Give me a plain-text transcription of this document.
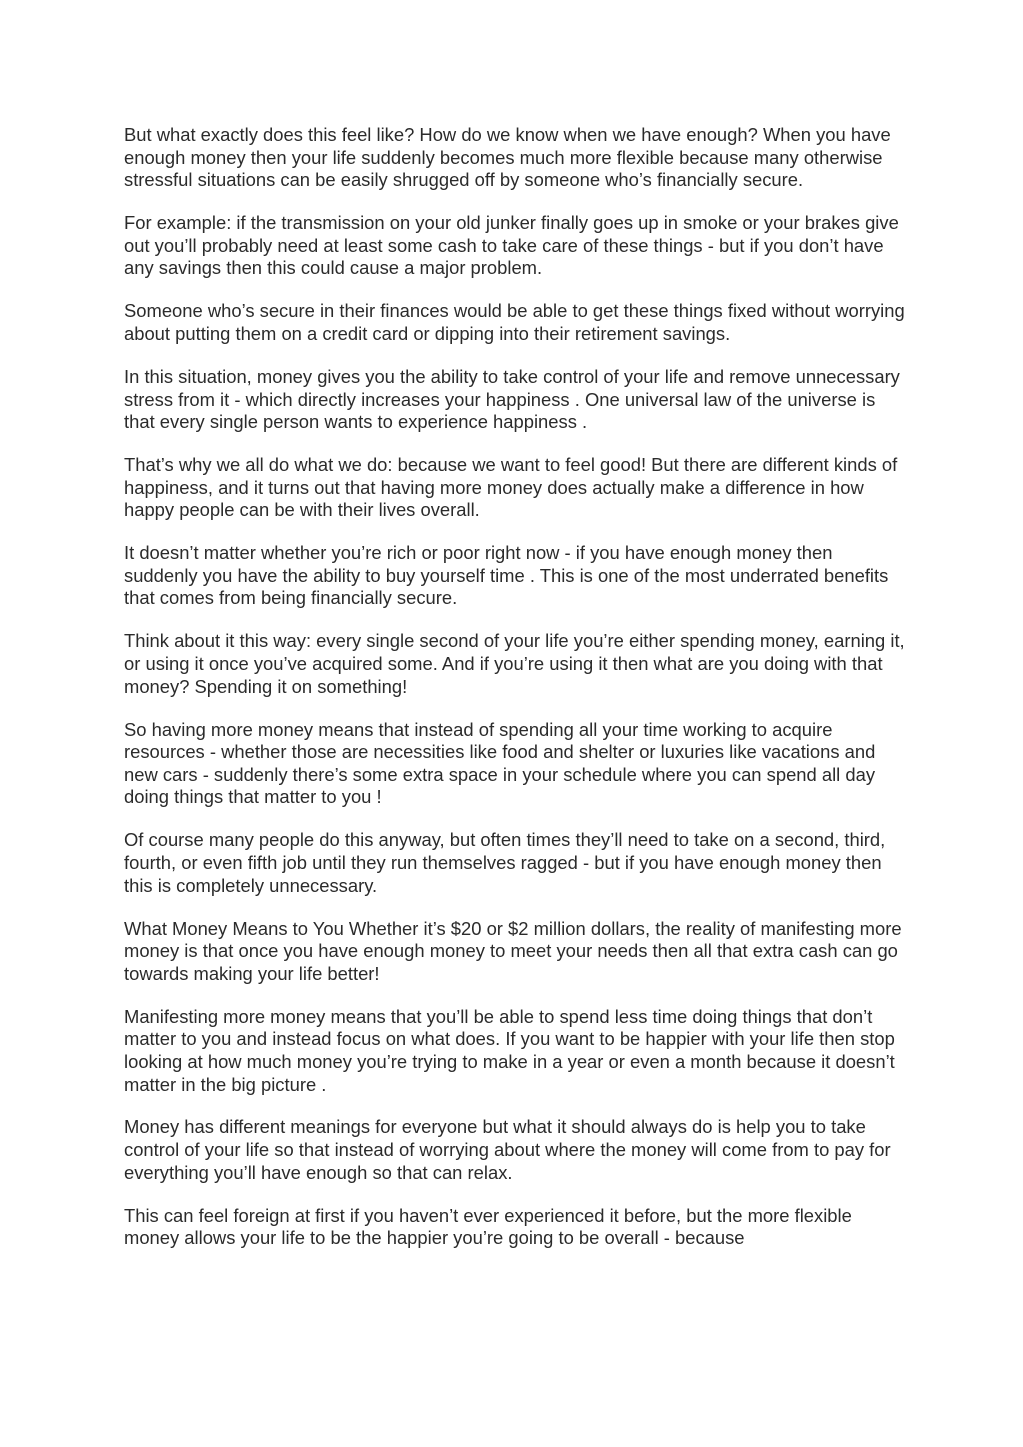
But what exactly does this feel like? How do we know when we have enough? When you have enough money then your life suddenly becomes much more flexible because many otherwise stressful situations can be easily shrugged off by someone who’s financially secure.

For example: if the transmission on your old junker finally goes up in smoke or your brakes give out you’ll probably need at least some cash to take care of these things - but if you don’t have any savings then this could cause a major problem.

Someone who’s secure in their finances would be able to get these things fixed without worrying about putting them on a credit card or dipping into their retirement savings.

In this situation, money gives you the ability to take control of your life and remove unnecessary stress from it - which directly increases your happiness . One universal law of the universe is that every single person wants to experience happiness .

That’s why we all do what we do: because we want to feel good! But there are different kinds of happiness, and it turns out that having more money does actually make a difference in how happy people can be with their lives overall.

It doesn’t matter whether you’re rich or poor right now - if you have enough money then suddenly you have the ability to buy yourself time . This is one of the most underrated benefits that comes from being financially secure.

Think about it this way: every single second of your life you’re either spending money, earning it, or using it once you’ve acquired some. And if you’re using it then what are you doing with that money? Spending it on something!

So having more money means that instead of spending all your time working to acquire resources - whether those are necessities like food and shelter or luxuries like vacations and new cars - suddenly there’s some extra space in your schedule where you can spend all day doing things that matter to you !

Of course many people do this anyway, but often times they’ll need to take on a second, third, fourth, or even fifth job until they run themselves ragged - but if you have enough money then this is completely unnecessary.

What Money Means to You Whether it’s $20 or $2 million dollars, the reality of manifesting more money is that once you have enough money to meet your needs then all that extra cash can go towards making your life better!

Manifesting more money means that you’ll be able to spend less time doing things that don’t matter to you and instead focus on what does. If you want to be happier with your life then stop looking at how much money you’re trying to make in a year or even a month because it doesn’t matter in the big picture .

Money has different meanings for everyone but what it should always do is help you to take control of your life so that instead of worrying about where the money will come from to pay for everything you’ll have enough so that can relax.

This can feel foreign at first if you haven’t ever experienced it before, but the more flexible money allows your life to be the happier you’re going to be overall - because
